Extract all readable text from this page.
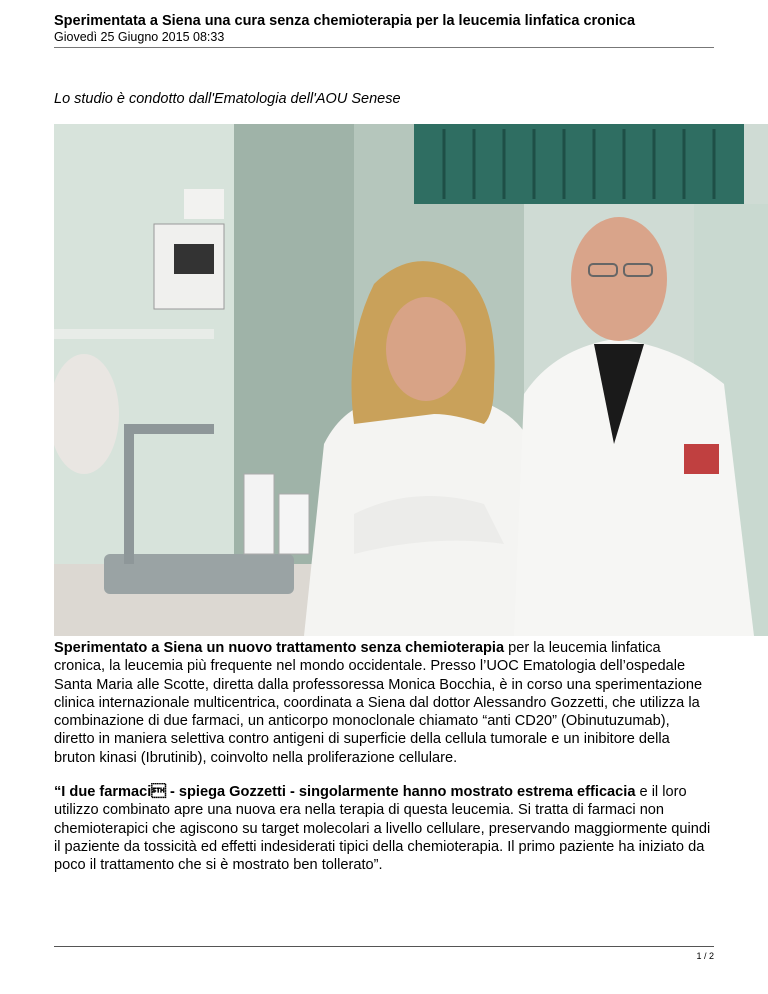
Sperimentata a Siena una cura senza chemioterapia per la leucemia linfatica cronica
Giovedì 25 Giugno 2015 08:33
Lo studio è condotto dall'Ematologia dell'AOU Senese

Sperimentato a Siena un nuovo trattamento senza chemioterapia per la leucemia linfatica cronica, la leucemia più frequente nel mondo occidentale. Presso l’UOC Ematologia dell’ospedale Santa Maria alle Scotte, diretta dalla professoressa Monica Bocchia, è in corso una sperimentazione clinica internazionale multicentrica, coordinata a Siena dal dottor Alessandro Gozzetti, che utilizza la combinazione di due farmaci, un anticorpo monoclonale chiamato “anti CD20” (Obinutuzumab), diretto in maniera selettiva contro antigeni di superficie della cellula tumorale e un inibitore della bruton kinasi (Ibrutinib), coinvolto nella proliferazione cellulare.

“I due farmaci - spiega Gozzetti - singolarmente hanno mostrato estrema efficacia e il loro utilizzo combinato apre una nuova era nella terapia di questa leucemia. Si tratta di farmaci non chemioterapici che agiscono su target molecolari a livello cellulare, preservando maggiormente quindi il paziente da tossicità ed effetti indesiderati tipici della chemioterapia. Il primo paziente ha iniziato da poco il trattamento che si è mostrato ben tollerato”.

1 / 2
